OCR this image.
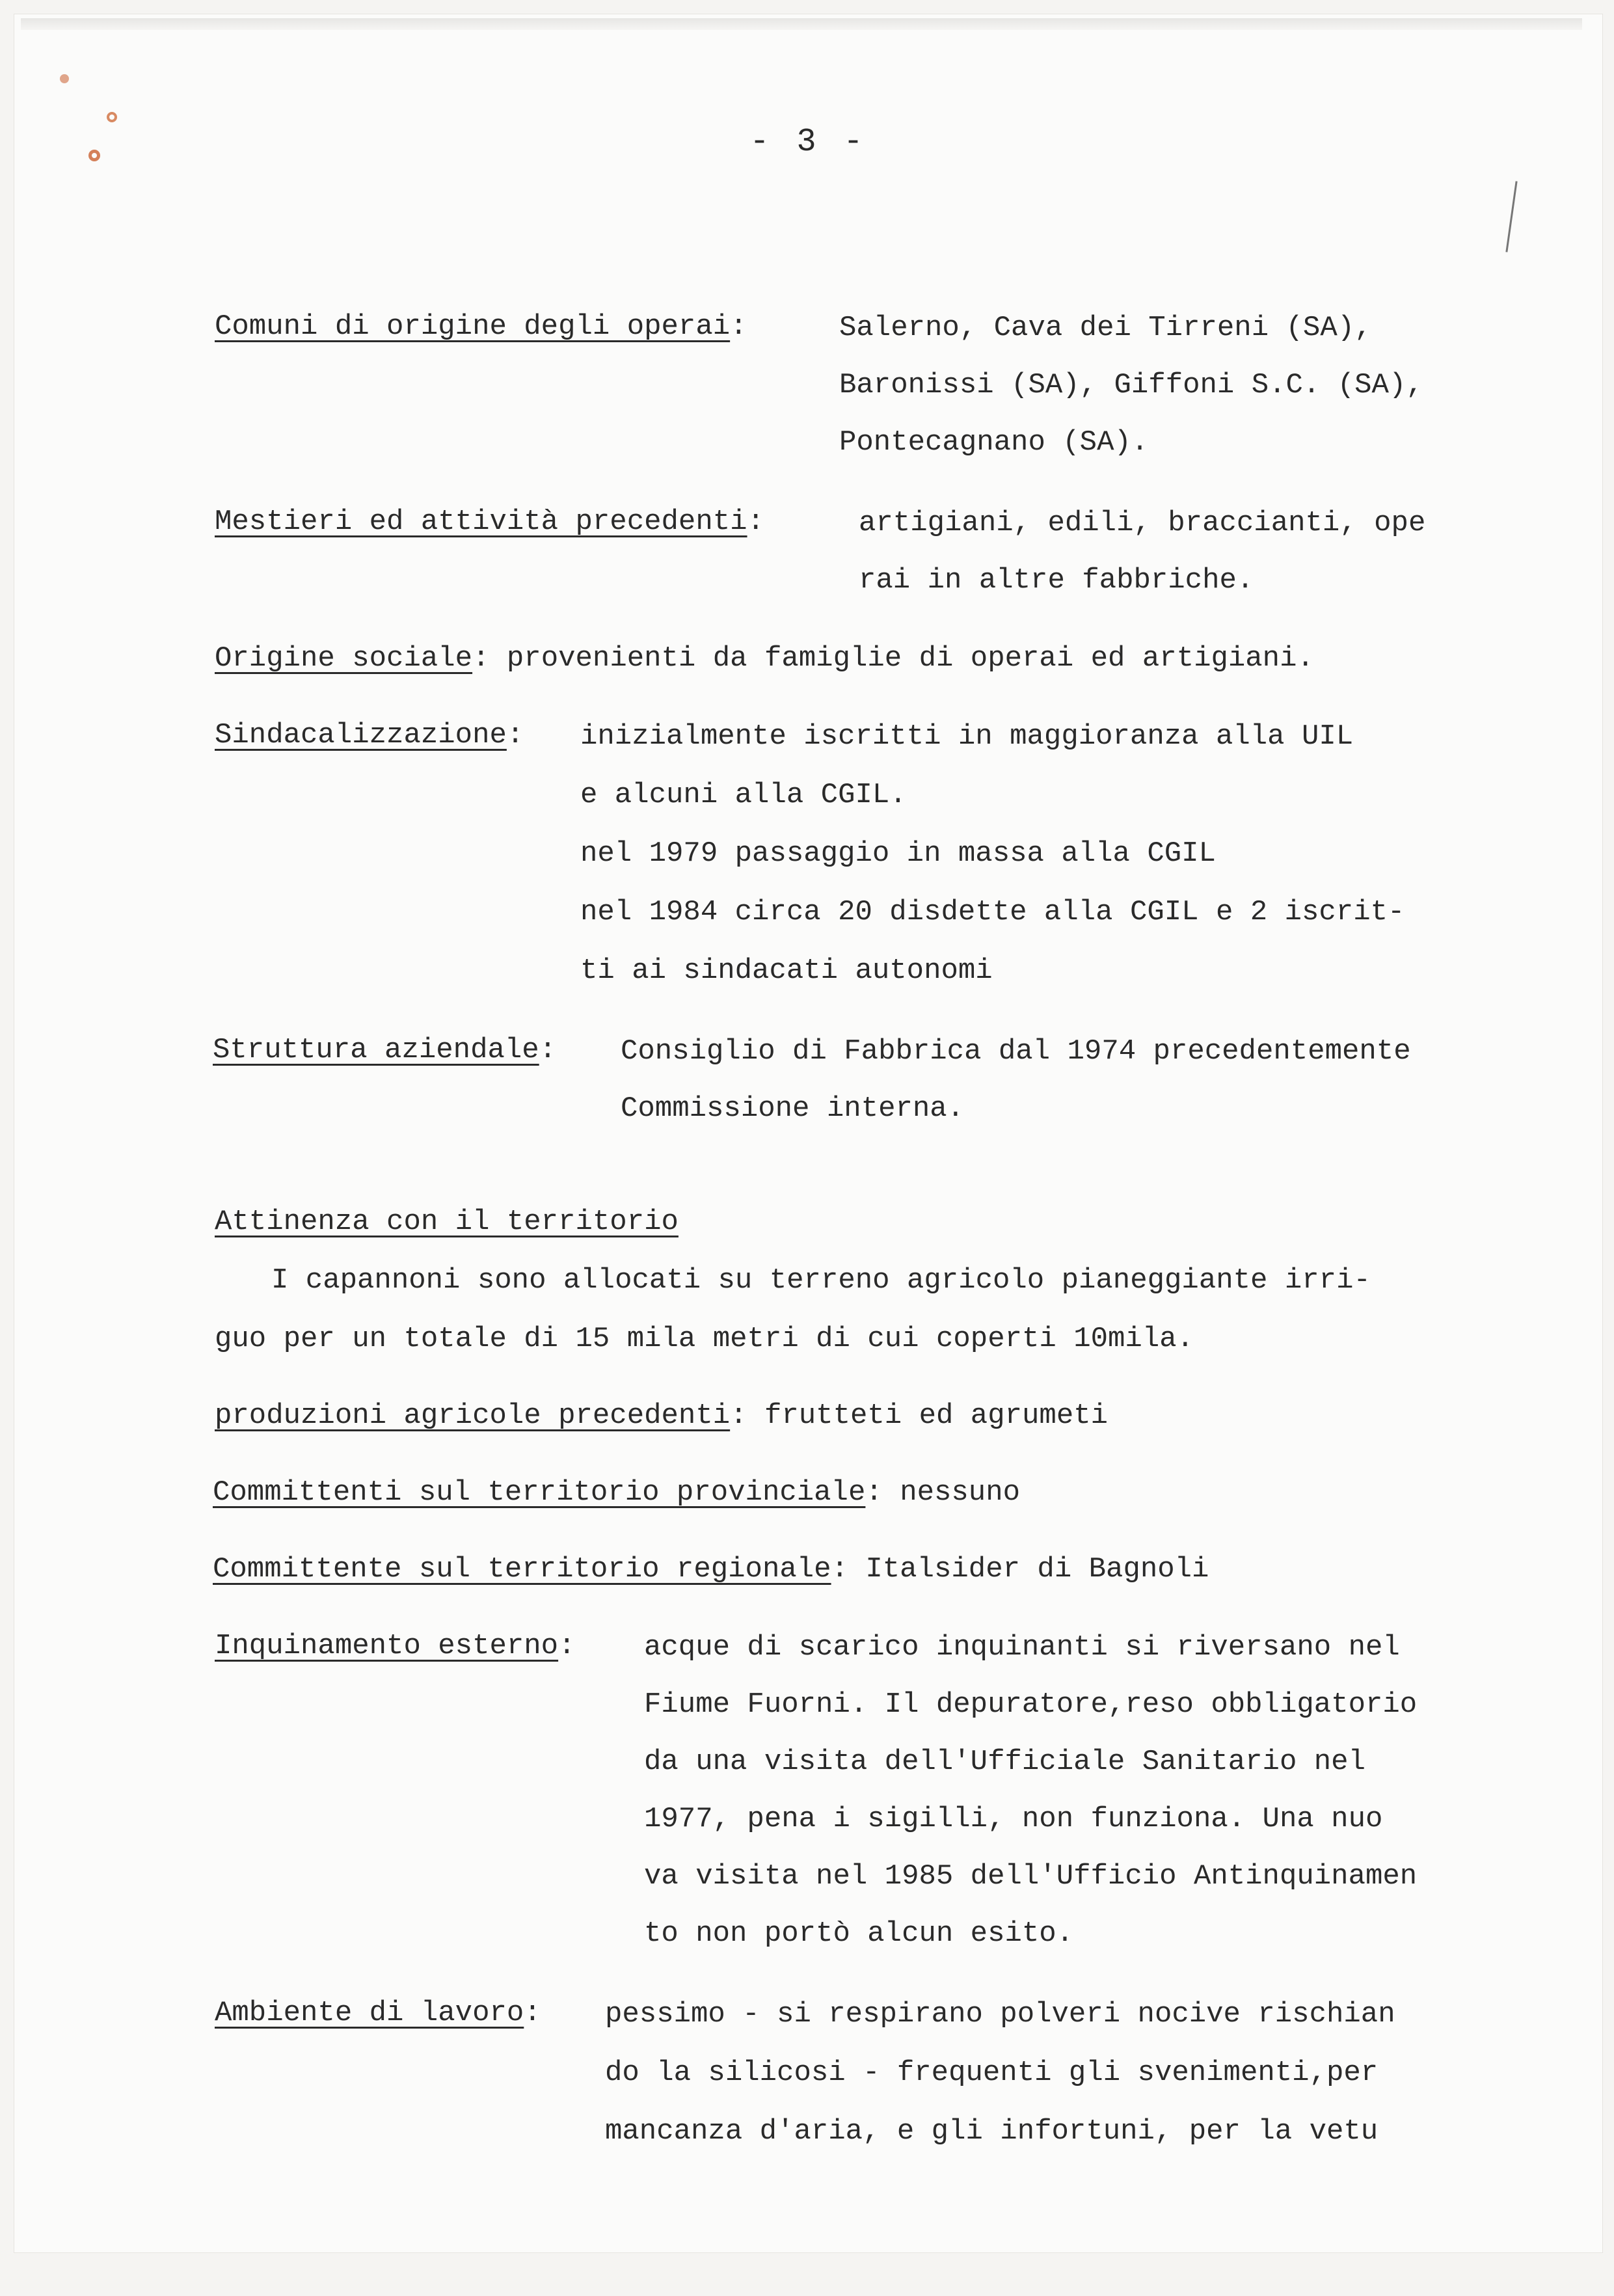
- 3 -
Comuni di origine degli operai:	Salerno, Cava dei Tirreni (SA),
Baronissi (SA), Giffoni S.C. (SA),
Pontecagnano (SA).
Mestieri ed attività precedenti:	artigiani, edili, braccianti, ope
rai in altre fabbriche.
Origine sociale: provenienti da famiglie di operai ed artigiani.
Sindacalizzazione: inizialmente iscritti in maggioranza alla UIL
e alcuni alla CGIL.
nel 1979 passaggio in massa alla CGIL
nel 1984 circa 20 disdette alla CGIL e 2 iscrit-
ti ai sindacati autonomi
Struttura aziendale: Consiglio di Fabbrica dal 1974 precedentemente
Commissione interna.
Attinenza con il territorio
I capannoni sono allocati su terreno agricolo pianeggiante irri-
guo per un totale di 15 mila metri di cui coperti 10mila.
produzioni agricole precedenti: frutteti ed agrumeti
Committenti sul territorio provinciale: nessuno
Committente sul territorio regionale: Italsider di Bagnoli
Inquinamento esterno: acque di scarico inquinanti si riversano nel
Fiume Fuorni. Il depuratore,reso obbligatorio
da una visita dell'Ufficiale Sanitario nel
1977, pena i sigilli, non funziona. Una nuo
va visita nel 1985 dell'Ufficio Antinquinamen
to non portò alcun esito.
Ambiente di lavoro: pessimo - si respirano polveri nocive rischian
do la silicosi - frequenti gli svenimenti,per
mancanza d'aria, e gli infortuni, per la vetu
